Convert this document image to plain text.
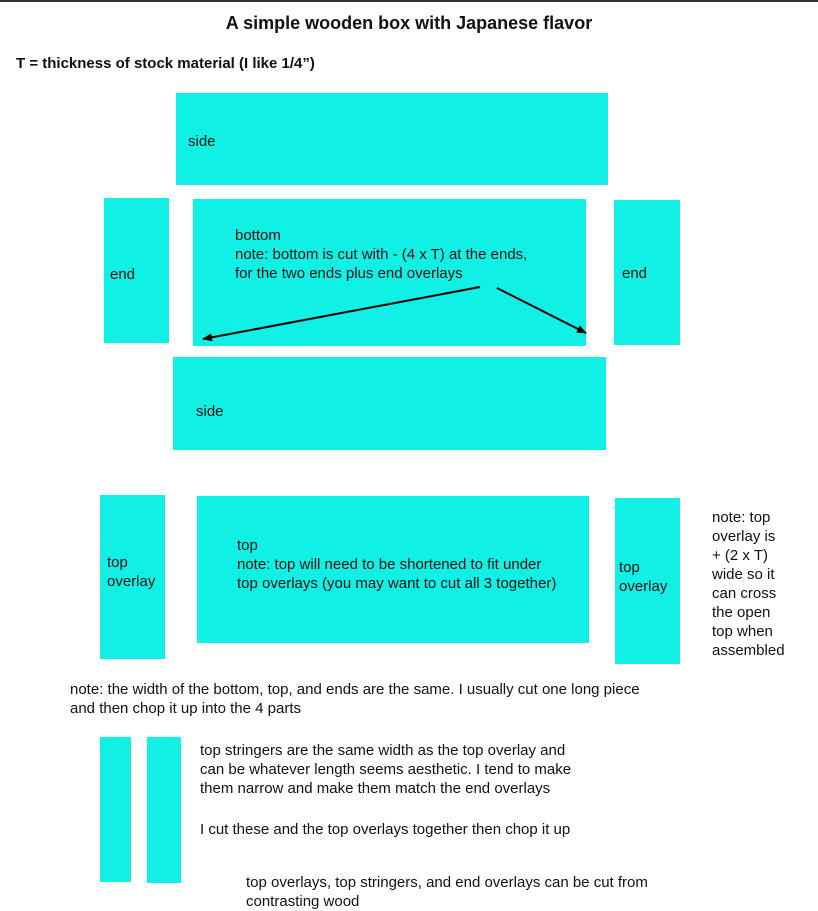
A simple wooden box with Japanese flavor
T = thickness of stock material (I like 1/4”)
side
end
bottom
note: bottom is cut with - (4 x T) at the ends,
for the two ends plus end overlays	end
side
top
overlay
top
note: top will need to be shortened to fit under
top overlays (you may want to cut all 3 together)
top
overlay
note: top
overlay is
+ (2 x T)
wide so it
can cross
the open
top when
assembled
note: the width of the bottom, top, and ends are the same. I usually cut one long piece
and then chop it up into the 4 parts
top stringers are the same width as the top overlay and
can be whatever length seems aesthetic. I tend to make
them narrow and make them match the end overlays
I cut these and the top overlays together then chop it up
top overlays, top stringers, and end overlays can be cut from
contrasting wood
